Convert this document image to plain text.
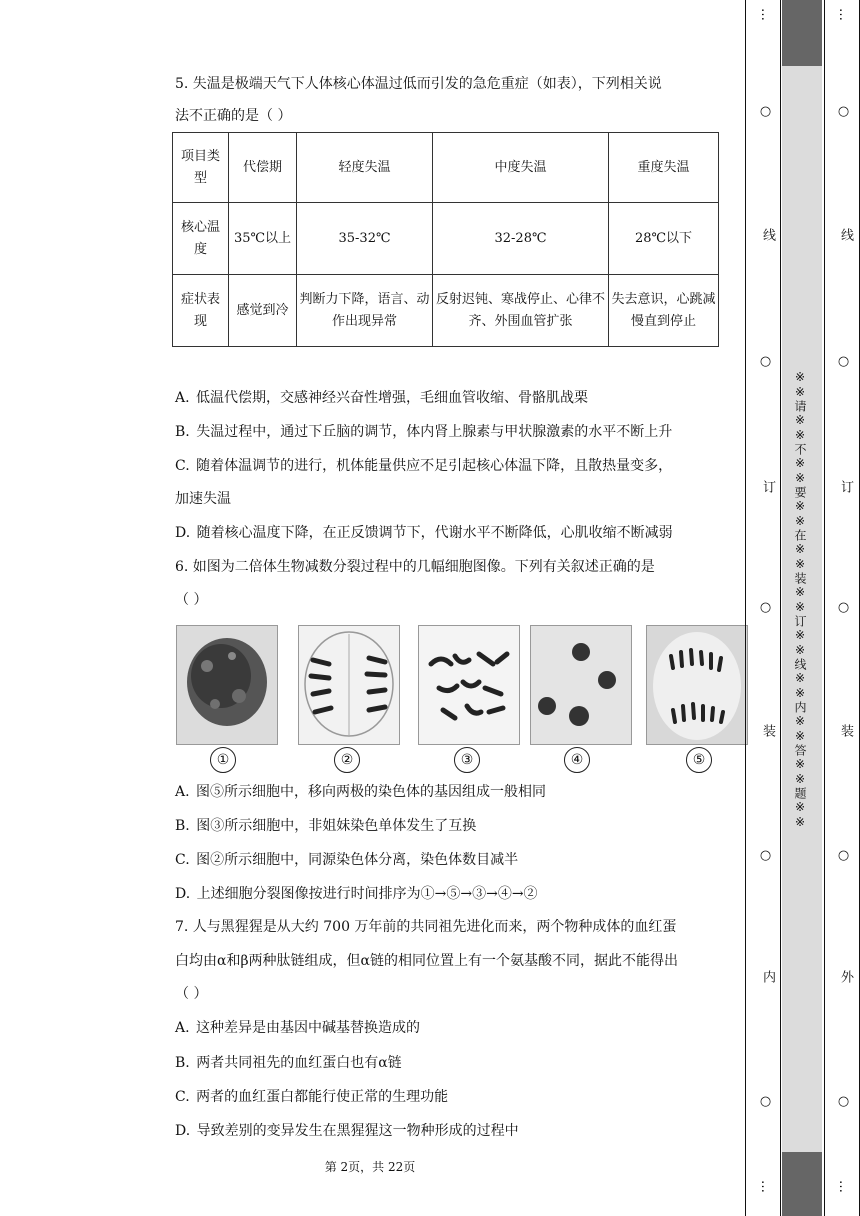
5. 失温是极端天气下人体核心体温过低而引发的急危重症（如表），下列相关说
法不正确的是（ ）
项目类型	代偿期	轻度失温	中度失温	重度失温
核心温度	35℃以上	35-32℃	32-28℃	28℃以下
症状表现	感觉到冷	判断力下降，语言、动作出现异常	反射迟钝、寒战停止、心律不齐、外围血管扩张	失去意识，心跳减慢直到停止
A. 低温代偿期，交感神经兴奋性增强，毛细血管收缩、骨骼肌战栗
B. 失温过程中，通过下丘脑的调节，体内肾上腺素与甲状腺激素的水平不断上升
C. 随着体温调节的进行，机体能量供应不足引起核心体温下降，且散热量变多，
加速失温
D. 随着核心温度下降，在正反馈调节下，代谢水平不断降低，心肌收缩不断减弱
6. 如图为二倍体生物减数分裂过程中的几幅细胞图像。下列有关叙述正确的是
（ ）
①	②	③	④	⑤
A. 图⑤所示细胞中，移向两极的染色体的基因组成一般相同
B. 图③所示细胞中，非姐妹染色单体发生了互换
C. 图②所示细胞中，同源染色体分离，染色体数目减半
D. 上述细胞分裂图像按进行时间排序为①→⑤→③→④→②
7. 人与黑猩猩是从大约 700 万年前的共同祖先进化而来，两个物种成体的血红蛋
白均由α和β两种肽链组成，但α链的相同位置上有一个氨基酸不同，据此不能得出
（ ）
A. 这种差异是由基因中碱基替换造成的
B. 两者共同祖先的血红蛋白也有α链
C. 两者的血红蛋白都能行使正常的生理功能
D. 导致差别的变异发生在黑猩猩这一物种形成的过程中
第 2页，共 22页
线
订
装
内
○
○
○
○
○
线
订
装
外
○
○
○
○
○
…	…
…	…
※※请※※不※※要※※在※※装※※订※※线※※内※※答※※题※※
